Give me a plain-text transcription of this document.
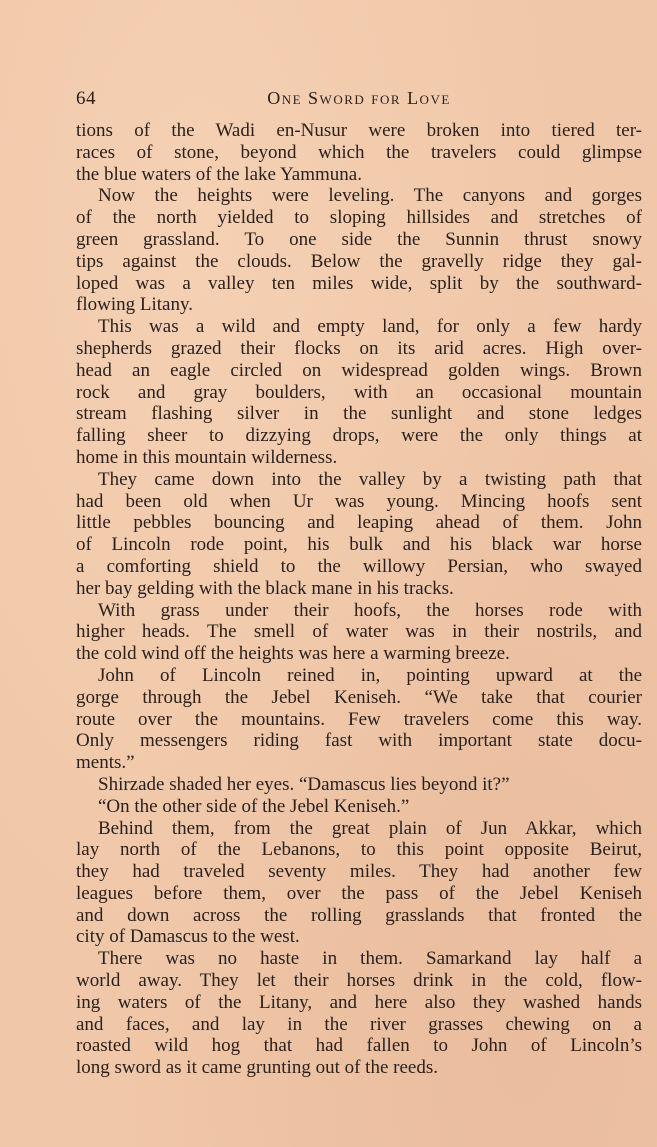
64	One Sword for Love
tions of the Wadi en-Nusur were broken into tiered ter-
races of stone, beyond which the travelers could glimpse
the blue waters of the lake Yammuna.
Now the heights were leveling. The canyons and gorges
of the north yielded to sloping hillsides and stretches of
green grassland. To one side the Sunnin thrust snowy
tips against the clouds. Below the gravelly ridge they gal-
loped was a valley ten miles wide, split by the southward-
flowing Litany.
This was a wild and empty land, for only a few hardy
shepherds grazed their flocks on its arid acres. High over-
head an eagle circled on widespread golden wings. Brown
rock and gray boulders, with an occasional mountain
stream flashing silver in the sunlight and stone ledges
falling sheer to dizzying drops, were the only things at
home in this mountain wilderness.
They came down into the valley by a twisting path that
had been old when Ur was young. Mincing hoofs sent
little pebbles bouncing and leaping ahead of them. John
of Lincoln rode point, his bulk and his black war horse
a comforting shield to the willowy Persian, who swayed
her bay gelding with the black mane in his tracks.
With grass under their hoofs, the horses rode with
higher heads. The smell of water was in their nostrils, and
the cold wind off the heights was here a warming breeze.
John of Lincoln reined in, pointing upward at the
gorge through the Jebel Keniseh. “We take that courier
route over the mountains. Few travelers come this way.
Only messengers riding fast with important state docu-
ments.”
Shirzade shaded her eyes. “Damascus lies beyond it?”
“On the other side of the Jebel Keniseh.”
Behind them, from the great plain of Jun Akkar, which
lay north of the Lebanons, to this point opposite Beirut,
they had traveled seventy miles. They had another few
leagues before them, over the pass of the Jebel Keniseh
and down across the rolling grasslands that fronted the
city of Damascus to the west.
There was no haste in them. Samarkand lay half a
world away. They let their horses drink in the cold, flow-
ing waters of the Litany, and here also they washed hands
and faces, and lay in the river grasses chewing on a
roasted wild hog that had fallen to John of Lincoln’s
long sword as it came grunting out of the reeds.
